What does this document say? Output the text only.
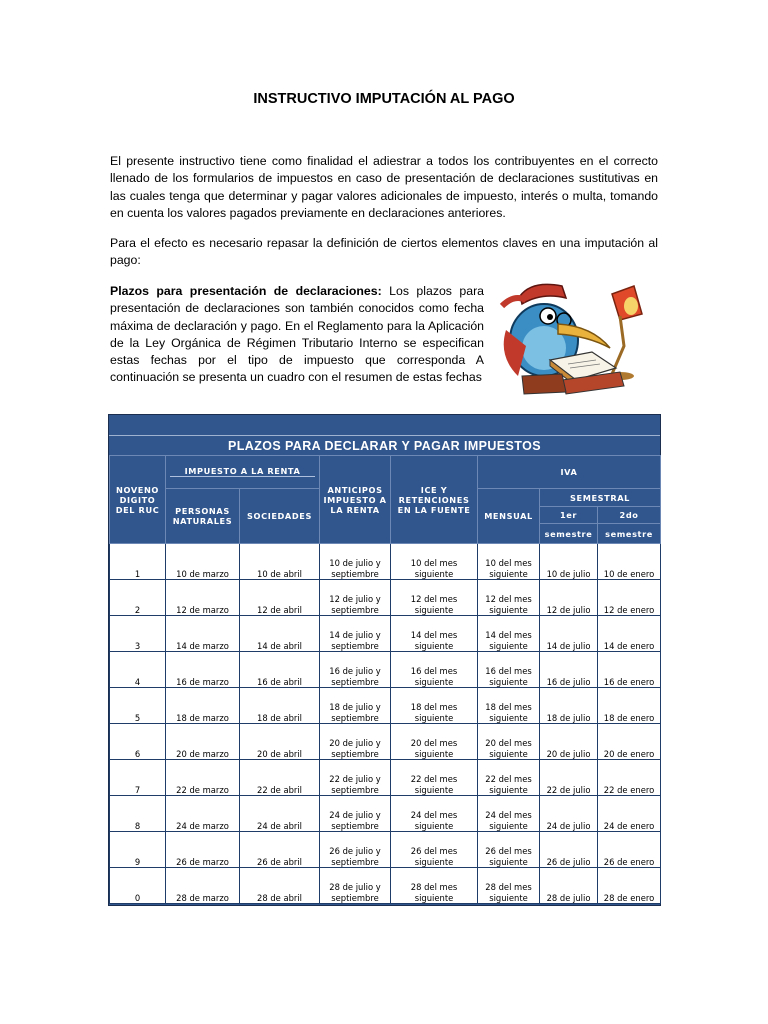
INSTRUCTIVO IMPUTACIÓN AL PAGO
El presente instructivo tiene como finalidad el adiestrar a todos los contribuyentes en el correcto llenado de los formularios de impuestos en caso de presentación de declaraciones sustitutivas en las cuales tenga que determinar y pagar valores adicionales de impuesto, interés o multa, tomando en cuenta los valores pagados previamente en declaraciones anteriores.
Para el efecto es necesario repasar la definición de ciertos elementos claves en una imputación al pago:
Plazos para presentación de declaraciones: Los plazos para presentación de declaraciones son también conocidos como fecha máxima de declaración y pago. En el Reglamento para la Aplicación de la Ley Orgánica de Régimen Tributario Interno se especifican estas fechas por el tipo de impuesto que corresponda A continuación se presenta un cuadro con el resumen de estas fechas
PLAZOS PARA DECLARAR Y PAGAR IMPUESTOS
NOVENO DIGITO DEL RUC	IMPUESTO A LA RENTA		ANTICIPOS IMPUESTO A LA RENTA	ICE Y RETENCIONES EN LA FUENTE	IVA		
	PERSONAS NATURALES	SOCIEDADES			MENSUAL	SEMESTRAL	
						1er	2do
						semestre	semestre
1	10 de marzo	10 de abril	10 de julio y septiembre	10 del mes siguiente	10 del mes siguiente	10 de julio	10 de enero
2	12 de marzo	12 de abril	12 de julio y septiembre	12 del mes siguiente	12 del mes siguiente	12 de julio	12 de enero
3	14 de marzo	14 de abril	14 de julio y septiembre	14 del mes siguiente	14 del mes siguiente	14 de julio	14 de enero
4	16 de marzo	16 de abril	16 de julio y septiembre	16 del mes siguiente	16 del mes siguiente	16 de julio	16 de enero
5	18 de marzo	18 de abril	18 de julio y septiembre	18 del mes siguiente	18 del mes siguiente	18 de julio	18 de enero
6	20 de marzo	20 de abril	20 de julio y septiembre	20 del mes siguiente	20 del mes siguiente	20 de julio	20 de enero
7	22 de marzo	22 de abril	22 de julio y septiembre	22 del mes siguiente	22 del mes siguiente	22 de julio	22 de enero
8	24 de marzo	24 de abril	24 de julio y septiembre	24 del mes siguiente	24 del mes siguiente	24 de julio	24 de enero
9	26 de marzo	26 de abril	26 de julio y septiembre	26 del mes siguiente	26 del mes siguiente	26 de julio	26 de enero
0	28 de marzo	28 de abril	28 de julio y septiembre	28 del mes siguiente	28 del mes siguiente	28 de julio	28 de enero
